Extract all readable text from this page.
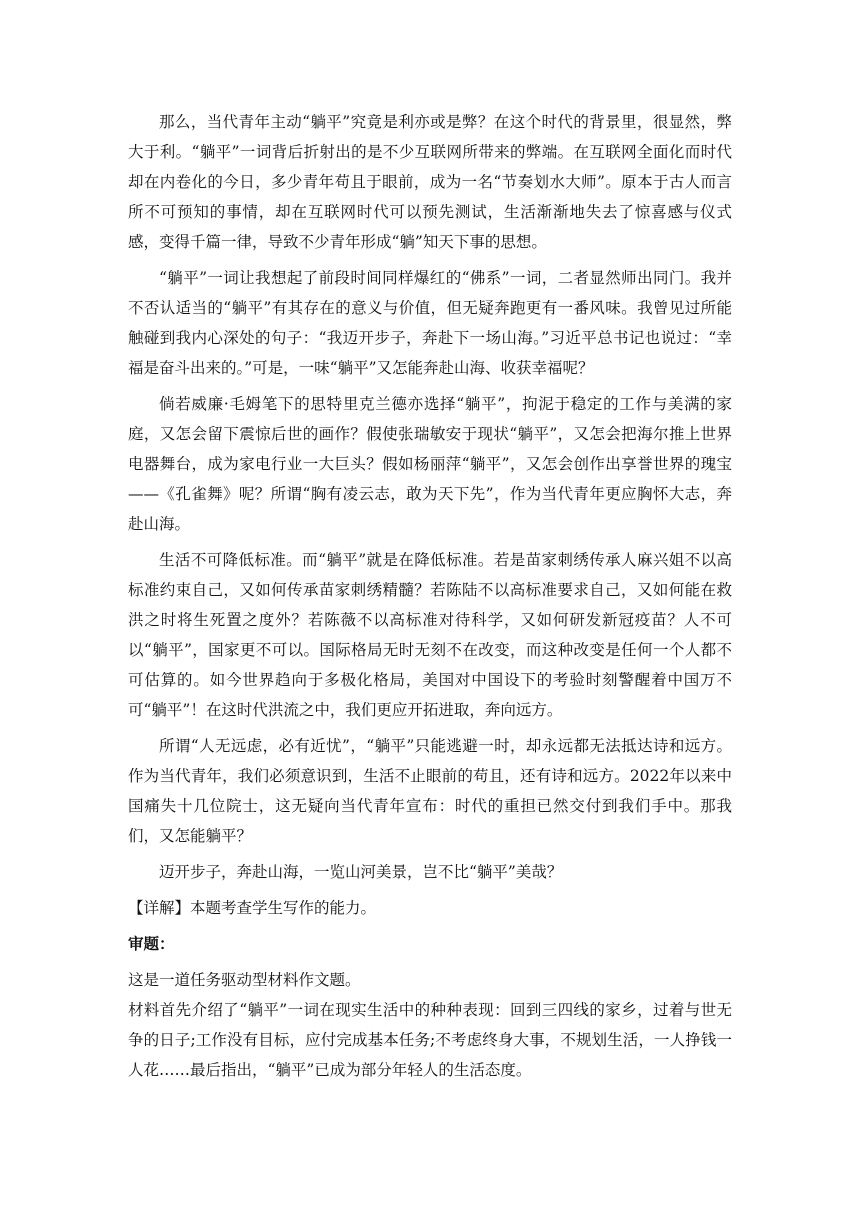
那么，当代青年主动“躺平”究竟是利亦或是弊？在这个时代的背景里，很显然，弊大于利。“躺平”一词背后折射出的是不少互联网所带来的弊端。在互联网全面化而时代却在内卷化的今日，多少青年苟且于眼前，成为一名“节奏划水大师”。原本于古人而言所不可预知的事情，却在互联网时代可以预先测试，生活渐渐地失去了惊喜感与仪式感，变得千篇一律，导致不少青年形成“躺”知天下事的思想。

“躺平”一词让我想起了前段时间同样爆红的“佛系”一词，二者显然师出同门。我并不否认适当的“躺平”有其存在的意义与价值，但无疑奔跑更有一番风味。我曾见过所能触碰到我内心深处的句子：“我迈开步子，奔赴下一场山海。”习近平总书记也说过：“幸福是奋斗出来的。”可是，一味“躺平”又怎能奔赴山海、收获幸福呢？

倘若威廉·毛姆笔下的思特里克兰德亦选择“躺平”，拘泥于稳定的工作与美满的家庭，又怎会留下震惊后世的画作？假使张瑞敏安于现状“躺平”，又怎会把海尔推上世界电器舞台，成为家电行业一大巨头？假如杨丽萍“躺平”，又怎会创作出享誉世界的瑰宝——《孔雀舞》呢？所谓“胸有凌云志，敢为天下先”，作为当代青年更应胸怀大志，奔赴山海。

生活不可降低标准。而“躺平”就是在降低标准。若是苗家刺绣传承人麻兴姐不以高标准约束自己，又如何传承苗家刺绣精髓？若陈陆不以高标准要求自己，又如何能在救洪之时将生死置之度外？若陈薇不以高标准对待科学，又如何研发新冠疫苗？人不可以“躺平”，国家更不可以。国际格局无时无刻不在改变，而这种改变是任何一个人都不可估算的。如今世界趋向于多极化格局，美国对中国设下的考验时刻警醒着中国万不可“躺平”！在这时代洪流之中，我们更应开拓进取，奔向远方。

所谓“人无远虑，必有近忧”，“躺平”只能逃避一时，却永远都无法抵达诗和远方。作为当代青年，我们必须意识到，生活不止眼前的苟且，还有诗和远方。2022年以来中国痛失十几位院士，这无疑向当代青年宣布：时代的重担已然交付到我们手中。那我们，又怎能躺平？

迈开步子，奔赴山海，一览山河美景，岂不比“躺平”美哉？

【详解】本题考查学生写作的能力。

审题：

这是一道任务驱动型材料作文题。

材料首先介绍了“躺平”一词在现实生活中的种种表现：回到三四线的家乡，过着与世无争的日子;工作没有目标，应付完成基本任务;不考虑终身大事，不规划生活，一人挣钱一人花……最后指出，“躺平”已成为部分年轻人的生活态度。
